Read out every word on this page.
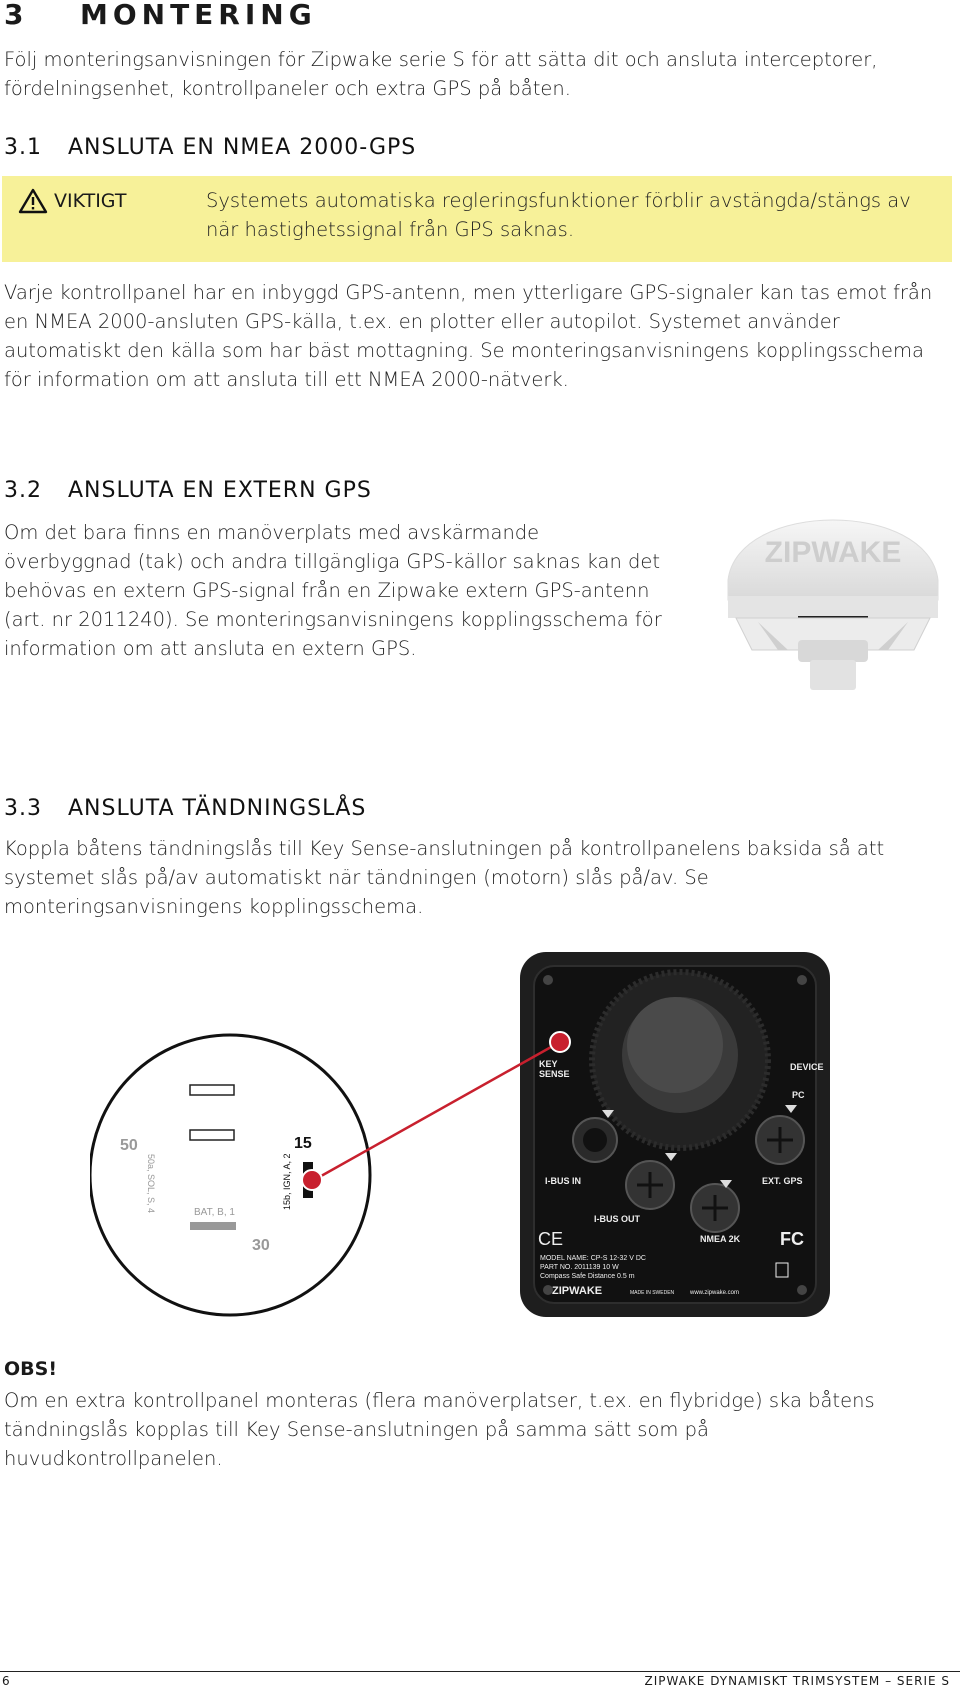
3 MONTERING

Följ monteringsanvisningen för Zipwake serie S för att sätta dit och ansluta interceptorer, fördelningsenhet, kontrollpaneler och extra GPS på båten.

3.1 ANSLUTA EN NMEA 2000-GPS
VIKTIGT	Systemets automatiska regleringsfunktioner förblir avstängda/stängs av när hastighetssignal från GPS saknas.

Varje kontrollpanel har en inbyggd GPS-antenn, men ytterligare GPS-signaler kan tas emot från en NMEA 2000-ansluten GPS-källa, t.ex. en plotter eller autopilot. Systemet använder automatiskt den källa som har bäst mottagning. Se monteringsanvisningens kopplingsschema för information om att ansluta till ett NMEA 2000-nätverk.

3.2 ANSLUTA EN EXTERN GPS

Om det bara finns en manöverplats med avskärmande överbyggnad (tak) och andra tillgängliga GPS-källor saknas kan det behövas en extern GPS-signal från en Zipwake extern GPS-antenn (art. nr 2011240). Se monteringsanvisningens kopplingsschema för information om att ansluta en extern GPS.

ZIPWAKE
3.3 ANSLUTA TÄNDNINGSLÅS

Koppla båtens tändningslås till Key Sense-anslutningen på kontrollpanelens baksida så att systemet slås på/av automatiskt när tändningen (motorn) slås på/av. Se monteringsanvisningens kopplingsschema.

KEY SENSE
DEVICE
PC
I-BUS IN	EXT. GPS
I-BUS OUT
NMEA 2K
CE	FC
MODEL NAME: CP-S 12-32 V DC
PART NO. 2011139 10 W
Compass Safe Distance 0.5 m
ZIPWAKE	MADE IN SWEDEN	www.zipwake.com
50	15
30
BAT, B, 1
50a, SOL, S, 4	15b, IGN, A, 2
OBS!

Om en extra kontrollpanel monteras (flera manöverplatser, t.ex. en flybridge) ska båtens tändningslås kopplas till Key Sense-anslutningen på samma sätt som på huvudkontrollpanelen.

6	ZIPWAKE DYNAMISKT TRIMSYSTEM – SERIE S
